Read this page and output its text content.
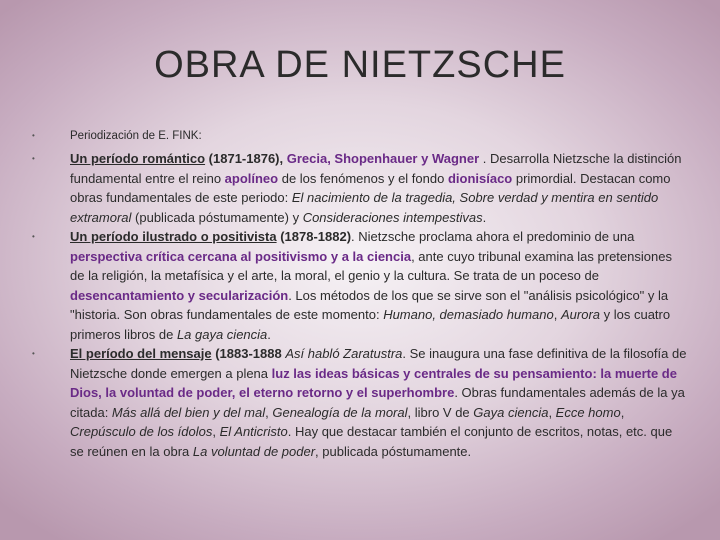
OBRA DE NIETZSCHE
•	Periodización de E. FINK:
•	Un período romántico (1871-1876), Grecia, Shopenhauer y Wagner . Desarrolla Nietzsche la distinción fundamental entre el reino apolíneo de los fenómenos y el fondo dionisíaco primordial. Destacan como obras fundamentales de este periodo: El nacimiento de la tragedia, Sobre verdad y mentira en sentido extramoral (publicada póstumamente) y Consideraciones intempestivas.
•	Un período ilustrado o positivista (1878-1882). Nietzsche proclama ahora el predominio de una perspectiva crítica cercana al positivismo y a la ciencia, ante cuyo tribunal examina las pretensiones de la religión, la metafísica y el arte, la moral, el genio y la cultura. Se trata de un poceso de desencantamiento y secularización. Los métodos de los que se sirve son el "análisis psicológico" y la "historia. Son obras fundamentales de este momento: Humano, demasiado humano, Aurora y los cuatro primeros libros de La gaya ciencia.
•	El período del mensaje (1883-1888 Así habló Zaratustra. Se inaugura una fase definitiva de la filosofía de Nietzsche donde emergen a plena luz las ideas básicas y centrales de su pensamiento: la muerte de Dios, la voluntad de poder, el eterno retorno y el superhombre. Obras fundamentales además de la ya citada: Más allá del bien y del mal, Genealogía de la moral, libro V de Gaya ciencia, Ecce homo, Crepúsculo de los ídolos, El Anticristo. Hay que destacar también el conjunto de escritos, notas, etc. que se reúnen en la obra La voluntad de poder, publicada póstumamente.
